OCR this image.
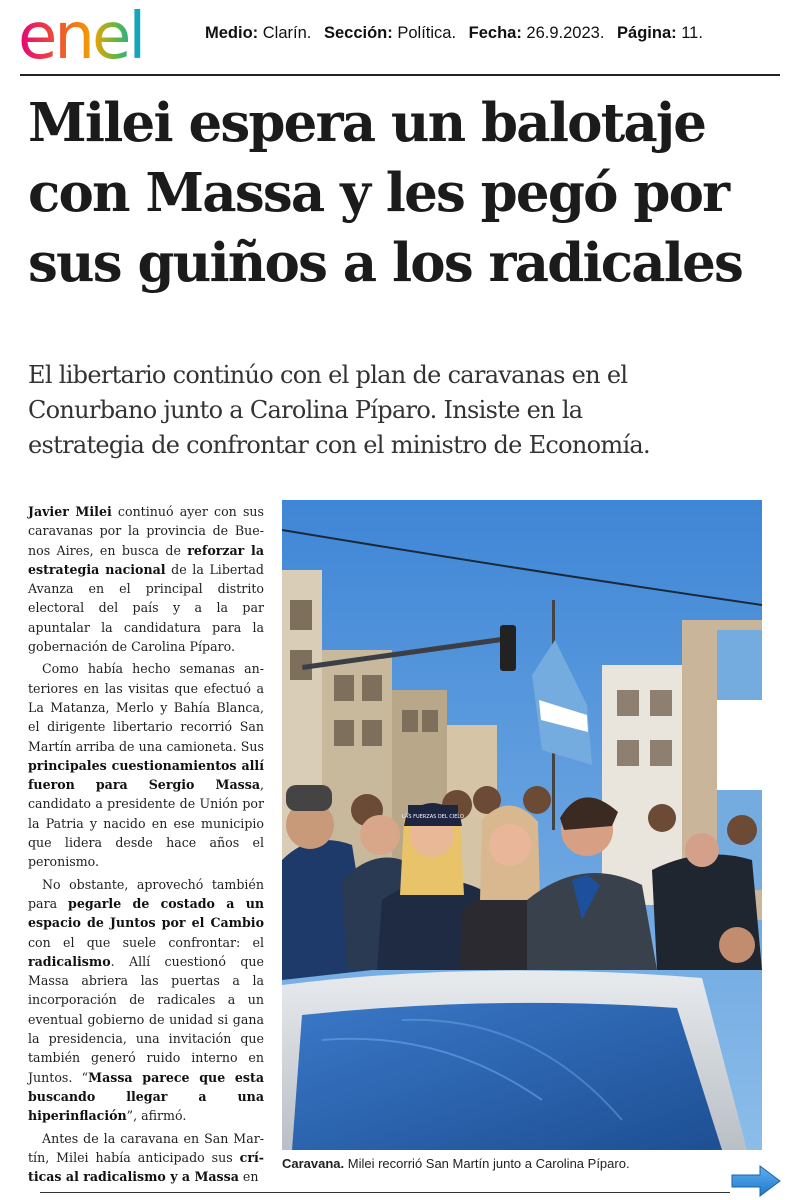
enel	Medio: Clarín. Sección: Política. Fecha: 26.9.2023. Página: 11.
Milei espera un balotaje
con Massa y les pegó por
sus guiños a los radicales
El libertario continúo con el plan de caravanas en el
Conurbano junto a Carolina Píparo. Insiste en la
estrategia de confrontar con el ministro de Economía.

Javier Milei continuó ayer con sus caravanas por la provincia de Buenos Aires, en busca de reforzar la estrategia nacional de la Libertad Avanza en el principal distrito electoral del país y a la par apuntalar la candidatura para la gobernación de Carolina Píparo.

Como había hecho semanas anteriores en las visitas que efectuó a La Matanza, Merlo y Bahía Blanca, el dirigente libertario recorrió San Martín arriba de una camioneta. Sus principales cuestionamientos allí fueron para Sergio Massa, candidato a presidente de Unión por la Patria y nacido en ese municipio que lidera desde hace años el peronismo.

No obstante, aprovechó también para pegarle de costado a un espacio de Juntos por el Cambio con el que suele confrontar: el radicalismo. Allí cuestionó que Massa abriera las puertas a la incorporación de radicales a un eventual gobierno de unidad si gana la presidencia, una invitación que también generó ruido interno en Juntos. “Massa parece que esta buscando llegar a una hiperinflación”, afirmó.

Antes de la caravana en San Martín, Milei había anticipado sus críticas al radicalismo y a Massa en

LAS FUERZAS DEL CIELO
Caravana. Milei recorrió San Martín junto a Carolina Píparo.
